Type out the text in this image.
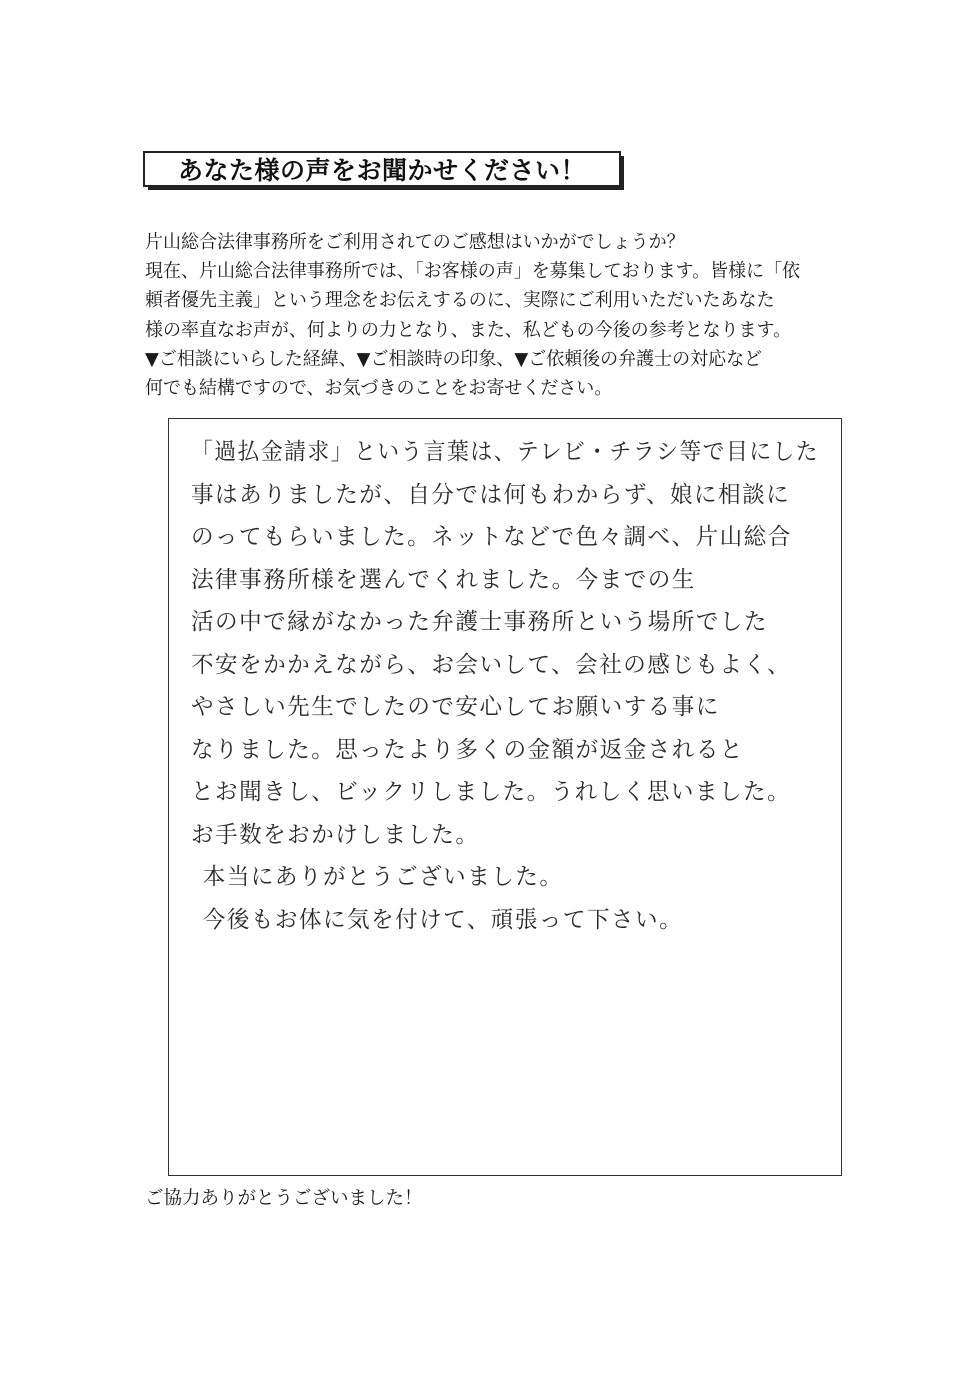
あなた様の声をお聞かせください！
片山総合法律事務所をご利用されてのご感想はいかがでしょうか？
現在、片山総合法律事務所では、「お客様の声」を募集しております。皆様に「依
頼者優先主義」という理念をお伝えするのに、実際にご利用いただいたあなた
様の率直なお声が、何よりの力となり、また、私どもの今後の参考となります。
▼ご相談にいらした経緯、▼ご相談時の印象、▼ご依頼後の弁護士の対応など
何でも結構ですので、お気づきのことをお寄せください。
「過払金請求」という言葉は、テレビ・チラシ等で目にした
事はありましたが、自分では何もわからず、娘に相談に
のってもらいました。ネットなどで色々調べ、片山総合
法律事務所様を選んでくれました。今までの生
活の中で縁がなかった弁護士事務所という場所でした
不安をかかえながら、お会いして、会社の感じもよく、
やさしい先生でしたので安心してお願いする事に
なりました。思ったより多くの金額が返金されると
とお聞きし、ビックリしました。うれしく思いました。
お手数をおかけしました。
本当にありがとうございました。
今後もお体に気を付けて、頑張って下さい。
ご協力ありがとうございました！
